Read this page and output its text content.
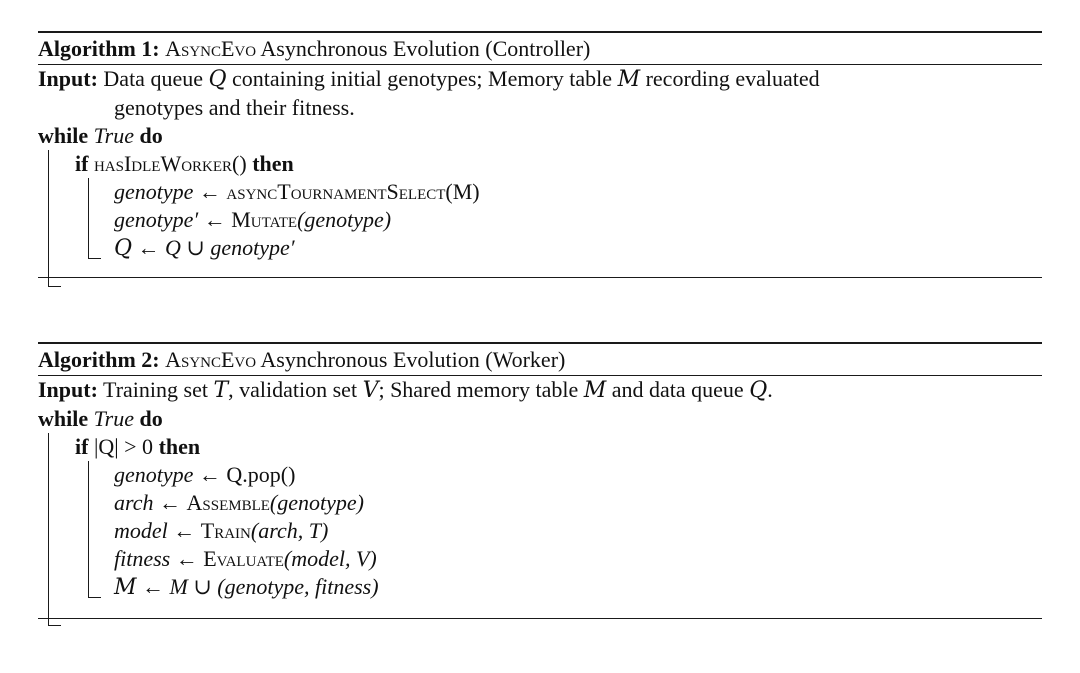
Algorithm 1: AsyncEvo Asynchronous Evolution (Controller)
Input: Data queue Q containing initial genotypes; Memory table M recording evaluated
genotypes and their fitness.
while True do
if hasIdleWorker() then
genotype ← asyncTournamentSelect(M)
genotype′ ← Mutate(genotype)
Q ← Q ∪ genotype′
Algorithm 2: AsyncEvo Asynchronous Evolution (Worker)
Input: Training set T, validation set V; Shared memory table M and data queue Q.
while True do
if |Q| > 0 then
genotype ← Q.pop()
arch ← Assemble(genotype)
model ← Train(arch, T)
fitness ← Evaluate(model, V)
M ← M ∪ (genotype, fitness)
